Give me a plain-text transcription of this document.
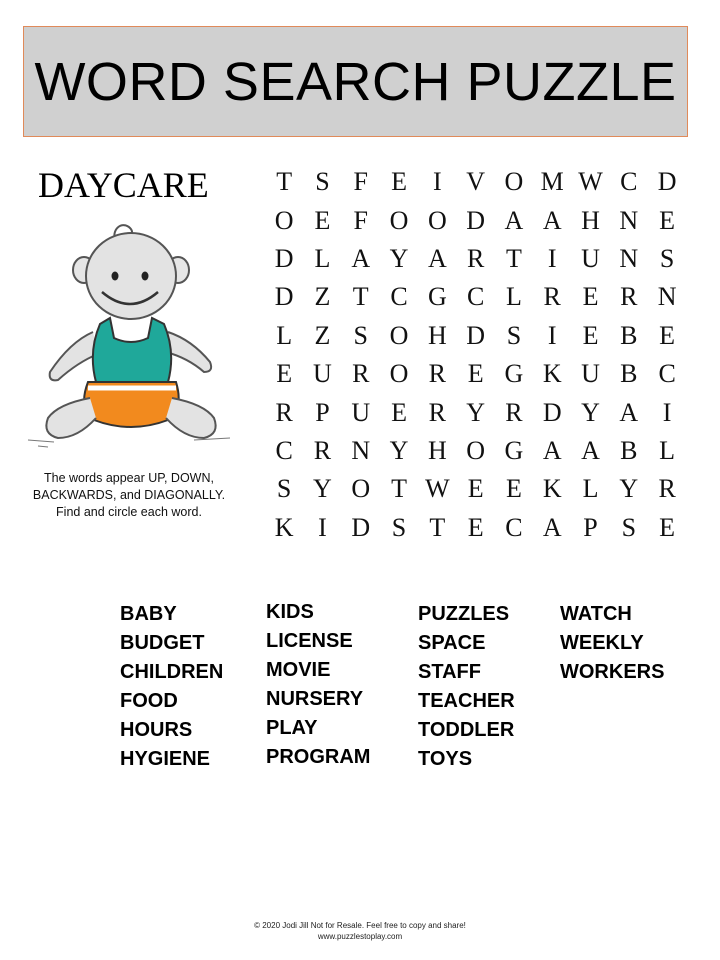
WORD SEARCH PUZZLE
DAYCARE
The words appear UP, DOWN,
BACKWARDS, and DIAGONALLY.
Find and circle each word.
T S F E	I V O M W C D
O E F O O D A A H N E
D L A Y A R T	I U N S
D Z T C G C L R E R N
L Z S O H D S	I	E B E
E U R O R E G K U B C
R P U E R Y R D Y A I
C R N Y H O G A A B L
S Y O T W E E K L Y R
K I D S T E C A P S E
BABY
BUDGET
CHILDREN
FOOD
HOURS
HYGIENE
KIDS
LICENSE
MOVIE
NURSERY
PLAY
PROGRAM
PUZZLES
SPACE
STAFF
TEACHER
TODDLER
TOYS
WATCH
WEEKLY
WORKERS
© 2020 Jodi Jill Not for Resale. Feel free to copy and share!
www.puzzlestoplay.com
